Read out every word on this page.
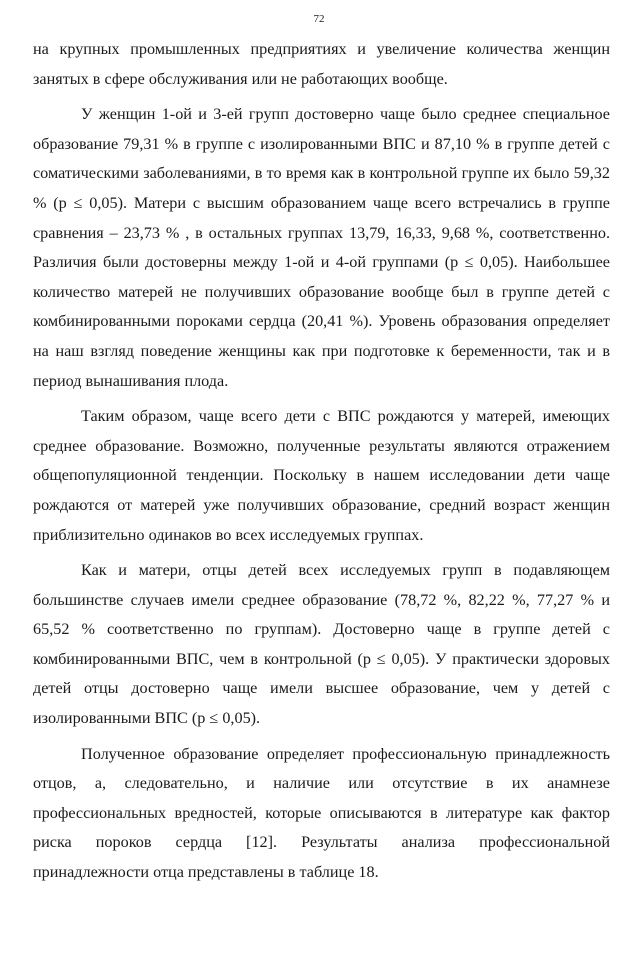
72

на крупных промышленных предприятиях и увеличение количества женщин занятых в сфере обслуживания или не работающих вообще.

У женщин 1-ой и 3-ей групп достоверно чаще было среднее специальное образование 79,31 % в группе с изолированными ВПС и 87,10 % в группе детей с соматическими заболеваниями, в то время как в контрольной группе их было 59,32 % (р ≤ 0,05). Матери с высшим образованием чаще всего встречались в группе сравнения – 23,73 % , в остальных группах 13,79, 16,33, 9,68 %, соответственно. Различия были достоверны между 1-ой и 4-ой группами (р ≤ 0,05). Наибольшее количество матерей не получивших образование вообще был в группе детей с комбинированными пороками сердца (20,41 %). Уровень образования определяет на наш взгляд поведение женщины как при подготовке к беременности, так и в период вынашивания плода.

Таким образом, чаще всего дети с ВПС рождаются у матерей, имеющих среднее образование. Возможно, полученные результаты являются отражением общепопуляционной тенденции. Поскольку в нашем исследовании дети чаще рождаются от матерей уже получивших образование, средний возраст женщин приблизительно одинаков во всех исследуемых группах.

Как и матери, отцы детей всех исследуемых групп в подавляющем большинстве случаев имели среднее образование (78,72 %, 82,22 %, 77,27 % и 65,52 % соответственно по группам). Достоверно чаще в группе детей с комбинированными ВПС, чем в контрольной (р ≤ 0,05). У практически здоровых детей отцы достоверно чаще имели высшее образование, чем у детей с изолированными ВПС (р ≤ 0,05).

Полученное образование определяет профессиональную принадлежность отцов, а, следовательно, и наличие или отсутствие в их анамнезе профессиональных вредностей, которые описываются в литературе как фактор риска пороков сердца [12]. Результаты анализа профессиональной принадлежности отца представлены в таблице 18.
